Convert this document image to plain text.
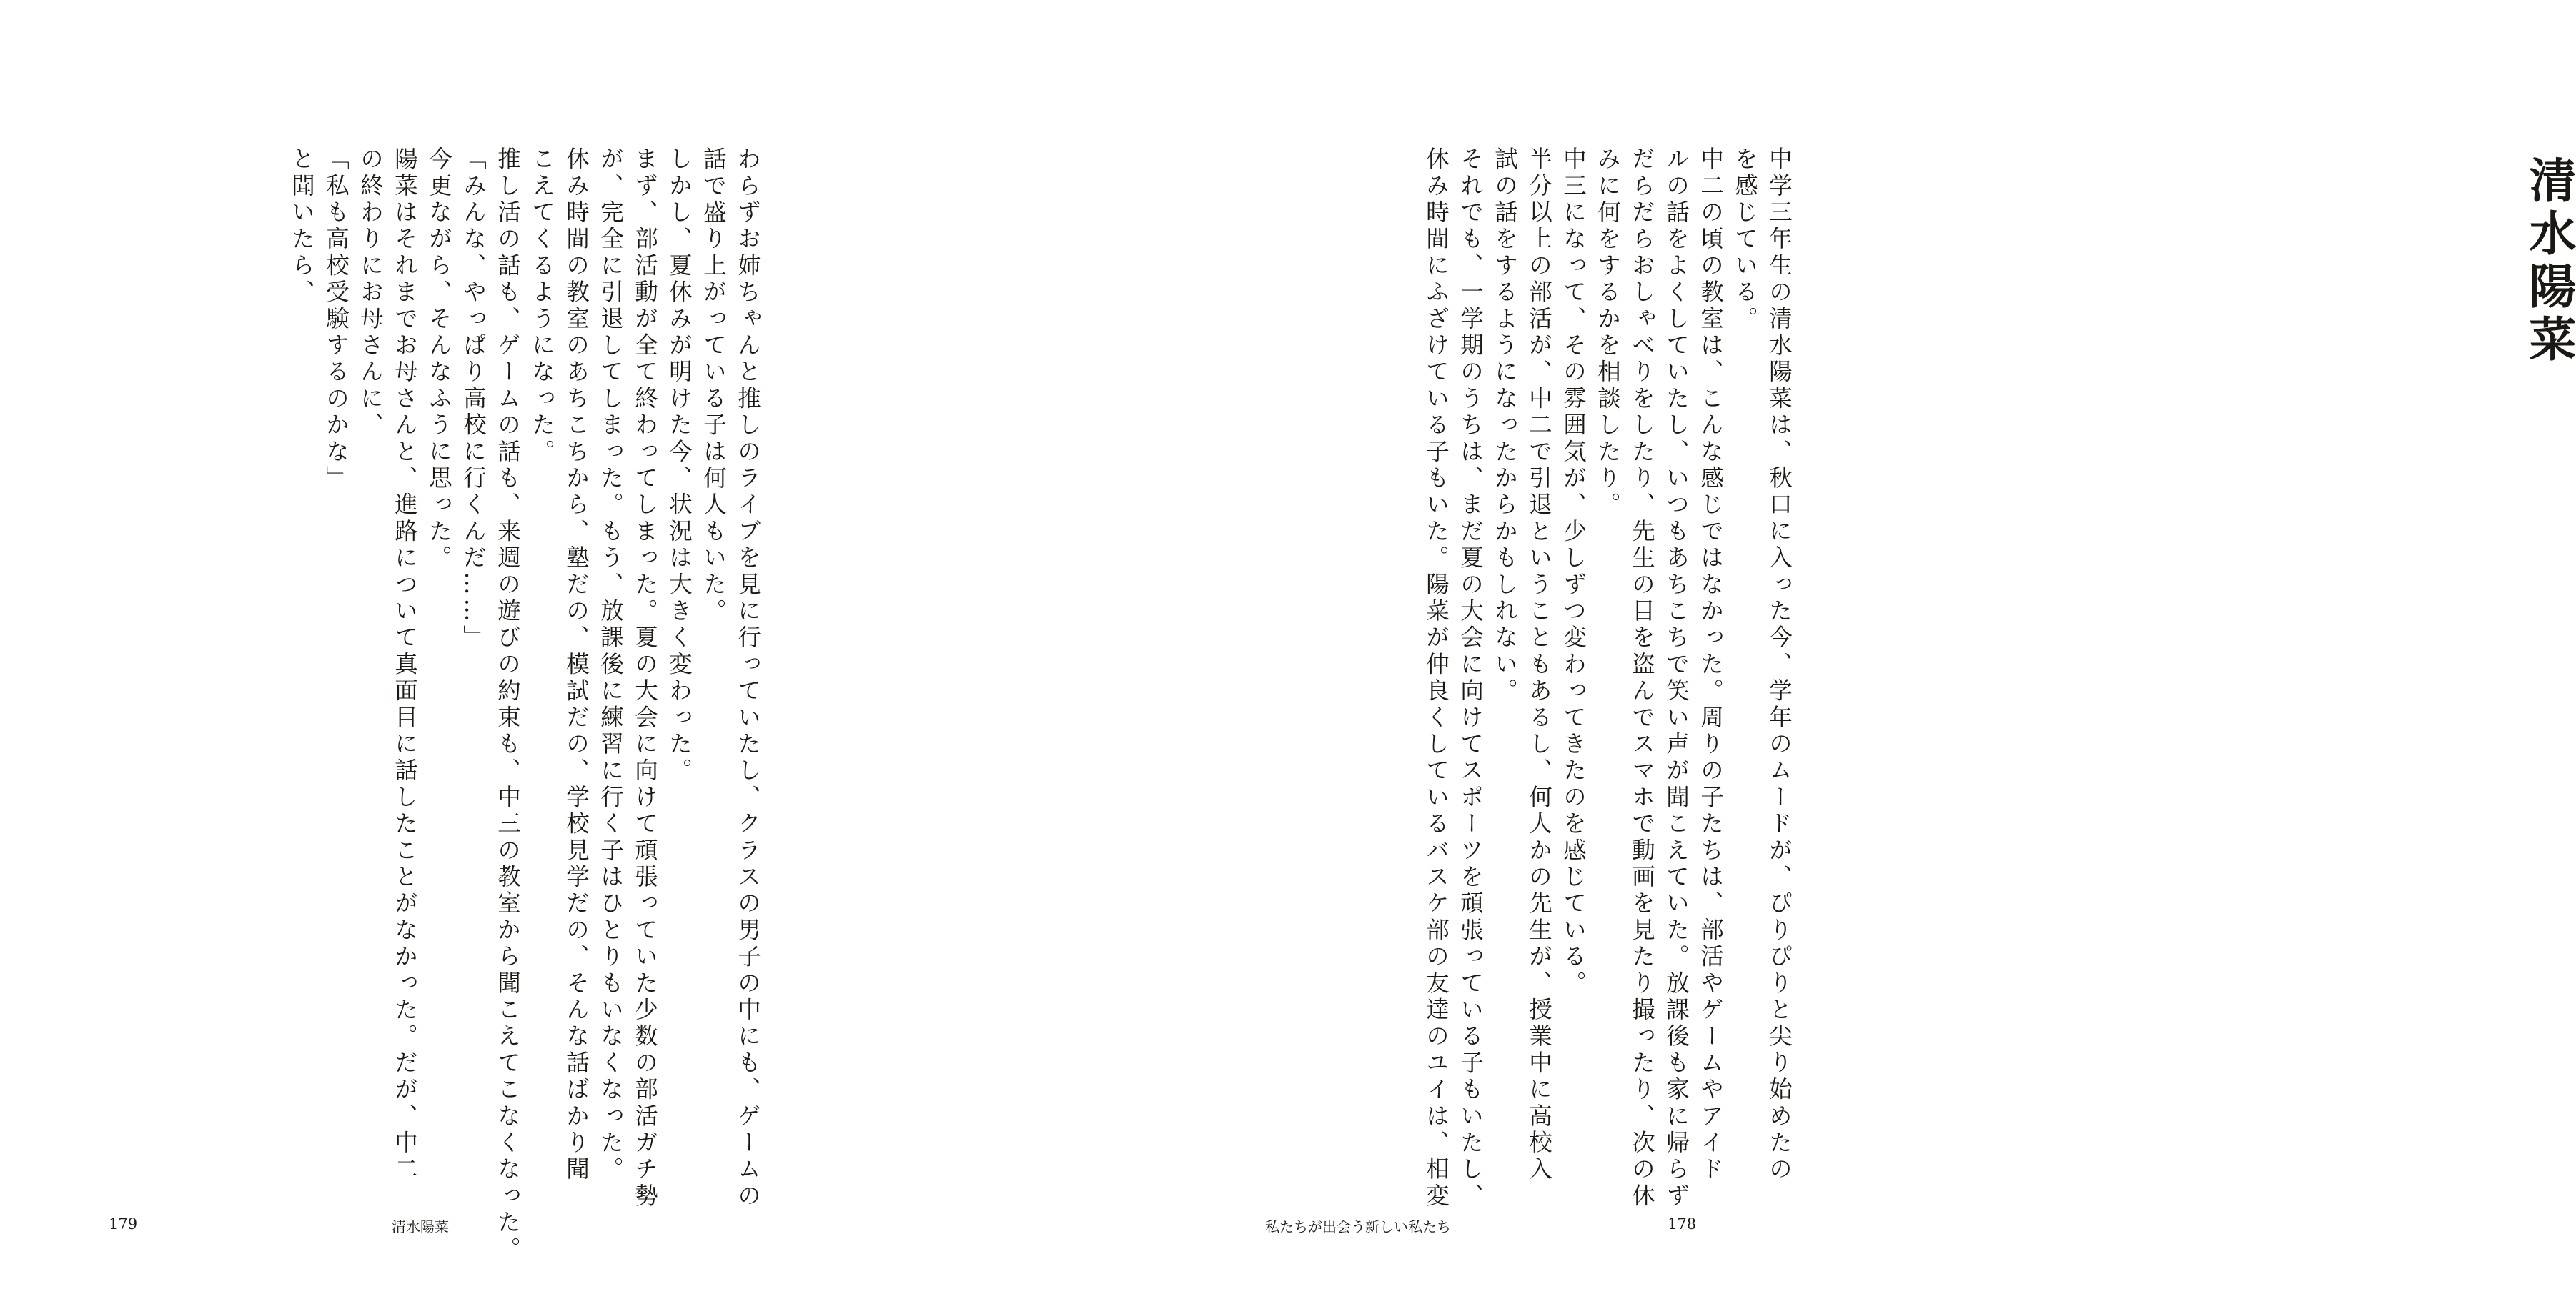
清水陽菜
中学三年生の清水陽菜は、秋口に入った今、学年のムードが、ぴりぴりと尖り始めたの
を感じている。
中二の頃の教室は、こんな感じではなかった。周りの子たちは、部活やゲームやアイド
ルの話をよくしていたし、いつもあちこちで笑い声が聞こえていた。放課後も家に帰らず
だらだらおしゃべりをしたり、先生の目を盗んでスマホで動画を見たり撮ったり、次の休
みに何をするかを相談したり。
中三になって、その雰囲気が、少しずつ変わってきたのを感じている。
半分以上の部活が、中二で引退ということもあるし、何人かの先生が、授業中に高校入
試の話をするようになったからかもしれない。
それでも、一学期のうちは、まだ夏の大会に向けてスポーツを頑張っている子もいたし、
休み時間にふざけている子もいた。陽菜が仲良くしているバスケ部の友達のユイは、相変
私たちが出会う新しい私たち	178
わらずお姉ちゃんと推しのライブを見に行っていたし、クラスの男子の中にも、ゲームの
話で盛り上がっている子は何人もいた。
しかし、夏休みが明けた今、状況は大きく変わった。
まず、部活動が全て終わってしまった。夏の大会に向けて頑張っていた少数の部活ガチ勢
が、完全に引退してしまった。もう、放課後に練習に行く子はひとりもいなくなった。
休み時間の教室のあちこちから、塾だの、模試だの、学校見学だの、そんな話ばかり聞
こえてくるようになった。
推し活の話も、ゲームの話も、来週の遊びの約束も、中三の教室から聞こえてこなくなった。
「みんな、やっぱり高校に行くんだ……」
今更ながら、そんなふうに思った。
陽菜はそれまでお母さんと、進路について真面目に話したことがなかった。だが、中二
の終わりにお母さんに、
「私も高校受験するのかな」
と聞いたら、
179	清水陽菜
